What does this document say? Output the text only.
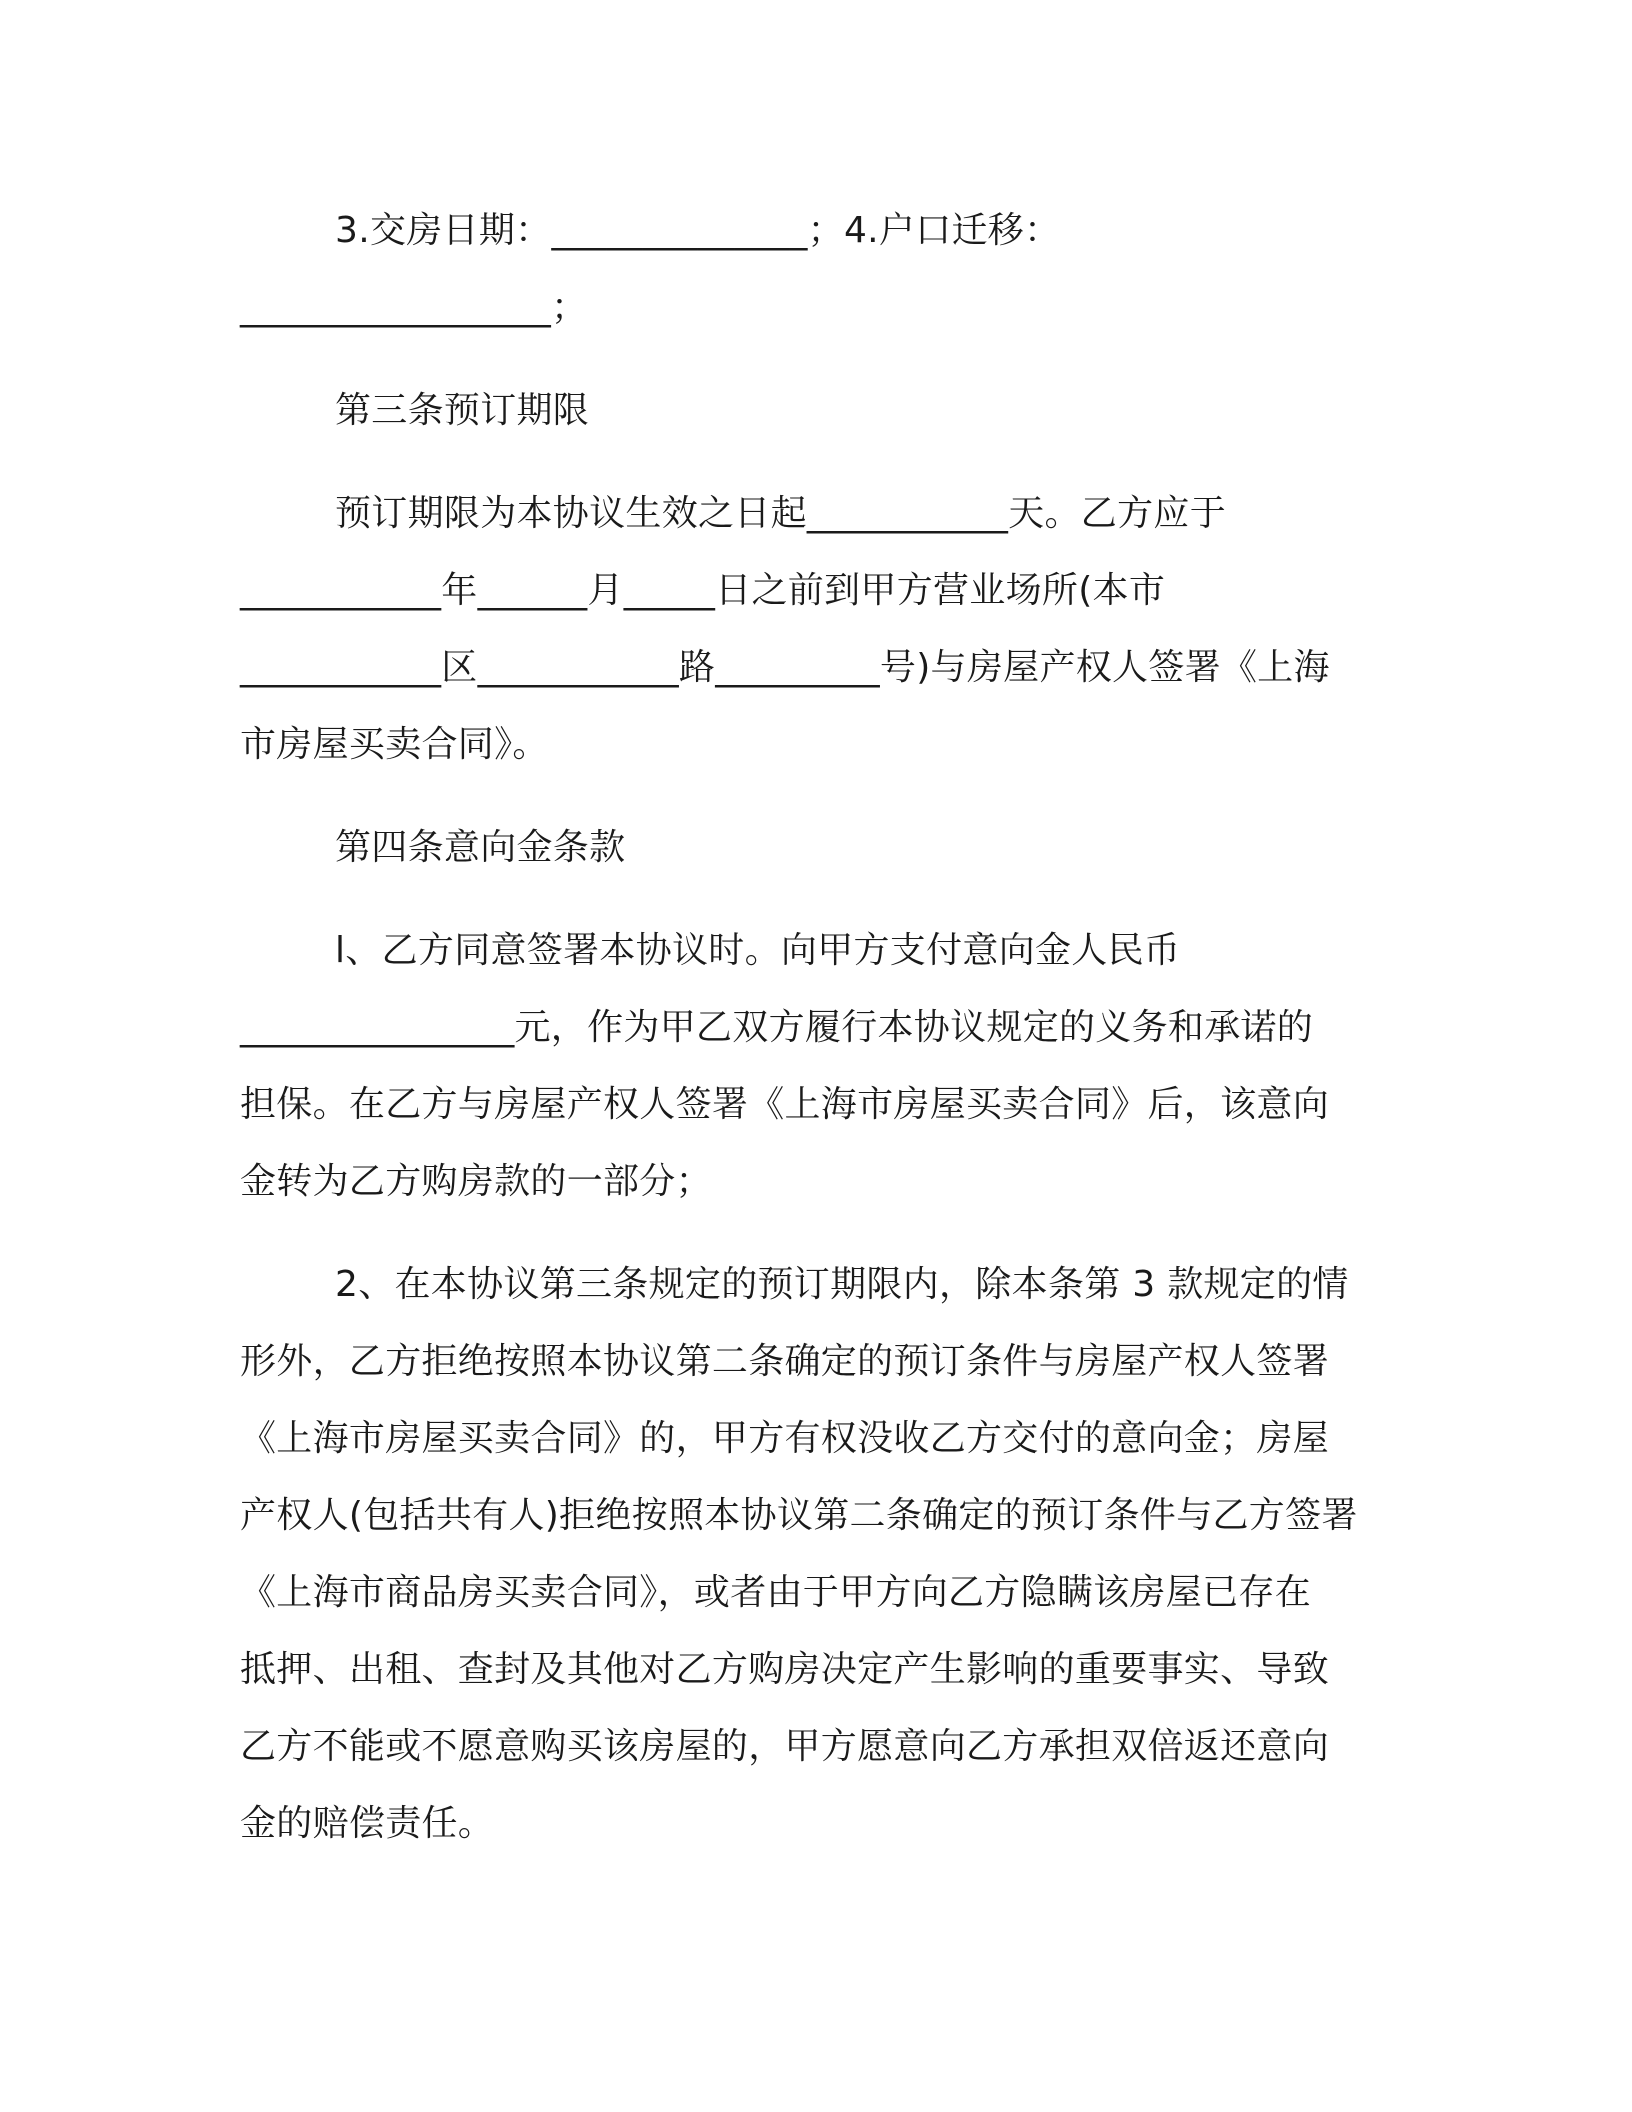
3.交房日期：______________；4.户口迁移：
_________________；
第三条预订期限
预订期限为本协议生效之日起___________天。乙方应于
___________年______月_____日之前到甲方营业场所(本市
___________区___________路_________号)与房屋产权人签署《上海
市房屋买卖合同》。
第四条意向金条款
l、乙方同意签署本协议时。向甲方支付意向金人民币
_______________元，作为甲乙双方履行本协议规定的义务和承诺的
担保。在乙方与房屋产权人签署《上海市房屋买卖合同》后，该意向
金转为乙方购房款的一部分；
2、在本协议第三条规定的预订期限内，除本条第 3 款规定的情
形外，乙方拒绝按照本协议第二条确定的预订条件与房屋产权人签署
《上海市房屋买卖合同》的，甲方有权没收乙方交付的意向金；房屋
产权人(包括共有人)拒绝按照本协议第二条确定的预订条件与乙方签署
《上海市商品房买卖合同》，或者由于甲方向乙方隐瞒该房屋已存在
抵押、出租、查封及其他对乙方购房决定产生影响的重要事实、导致
乙方不能或不愿意购买该房屋的，甲方愿意向乙方承担双倍返还意向
金的赔偿责任。
